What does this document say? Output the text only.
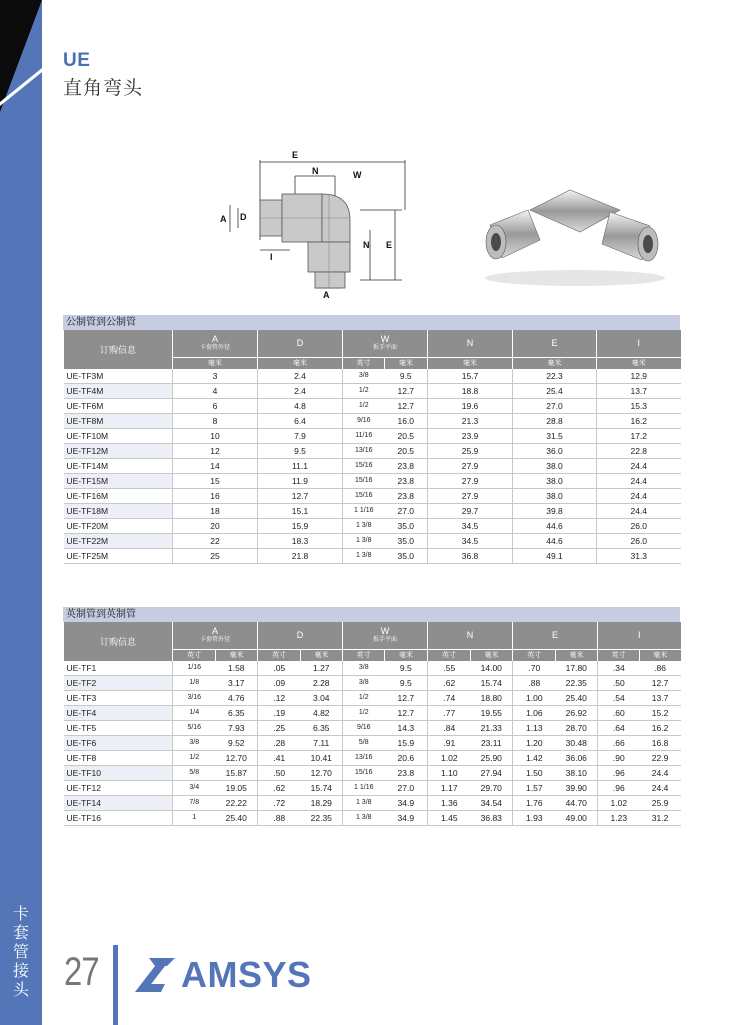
卡
套
管
接
头
UE
直角弯头
E
N	W
A D
I
N E
A
公制管到公制管
订购信息	A
卡套管外径	D	W
扳手平面		N	E	I
	毫米	毫米	英寸	毫米	毫米	毫米	毫米
UE-TF3M	3	2.4	3/8	9.5	15.7	22.3	12.9
UE-TF4M	4	2.4	1/2	12.7	18.8	25.4	13.7
UE-TF6M	6	4.8	1/2	12.7	19.6	27.0	15.3
UE-TF8M	8	6.4	9/16	16.0	21.3	28.8	16.2
UE-TF10M	10	7.9	11/16	20.5	23.9	31.5	17.2
UE-TF12M	12	9.5	13/16	20.5	25.9	36.0	22.8
UE-TF14M	14	11.1	15/16	23.8	27.9	38.0	24.4
UE-TF15M	15	11.9	15/16	23.8	27.9	38.0	24.4
UE-TF16M	16	12.7	15/16	23.8	27.9	38.0	24.4
UE-TF18M	18	15.1	1 1/16	27.0	29.7	39.8	24.4
UE-TF20M	20	15.9	1 3/8	35.0	34.5	44.6	26.0
UE-TF22M	22	18.3	1 3/8	35.0	34.5	44.6	26.0
UE-TF25M	25	21.8	1 3/8	35.0	36.8	49.1	31.3
英制管到英制管
订购信息	A
卡套管外径		D		W
扳手平面		N		E		I	
	英寸	毫米	英寸	毫米	英寸	毫米	英寸	毫米	英寸	毫米	英寸	毫米
UE-TF1	1/16	1.58	.05	1.27	3/8	9.5	.55	14.00	.70	17.80	.34	.86
UE-TF2	1/8	3.17	.09	2.28	3/8	9.5	.62	15.74	.88	22.35	.50	12.7
UE-TF3	3/16	4.76	.12	3.04	1/2	12.7	.74	18.80	1.00	25.40	.54	13.7
UE-TF4	1/4	6.35	.19	4.82	1/2	12.7	.77	19.55	1.06	26.92	.60	15.2
UE-TF5	5/16	7.93	.25	6.35	9/16	14.3	.84	21.33	1.13	28.70	.64	16.2
UE-TF6	3/8	9.52	.28	7.11	5/8	15.9	.91	23.11	1.20	30.48	.66	16.8
UE-TF8	1/2	12.70	.41	10.41	13/16	20.6	1.02	25.90	1.42	36.06	.90	22.9
UE-TF10	5/8	15.87	.50	12.70	15/16	23.8	1.10	27.94	1.50	38.10	.96	24.4
UE-TF12	3/4	19.05	.62	15.74	1 1/16	27.0	1.17	29.70	1.57	39.90	.96	24.4
UE-TF14	7/8	22.22	.72	18.29	1 3/8	34.9	1.36	34.54	1.76	44.70	1.02	25.9
UE-TF16	1	25.40	.88	22.35	1 3/8	34.9	1.45	36.83	1.93	49.00	1.23	31.2
27 AMSYS
